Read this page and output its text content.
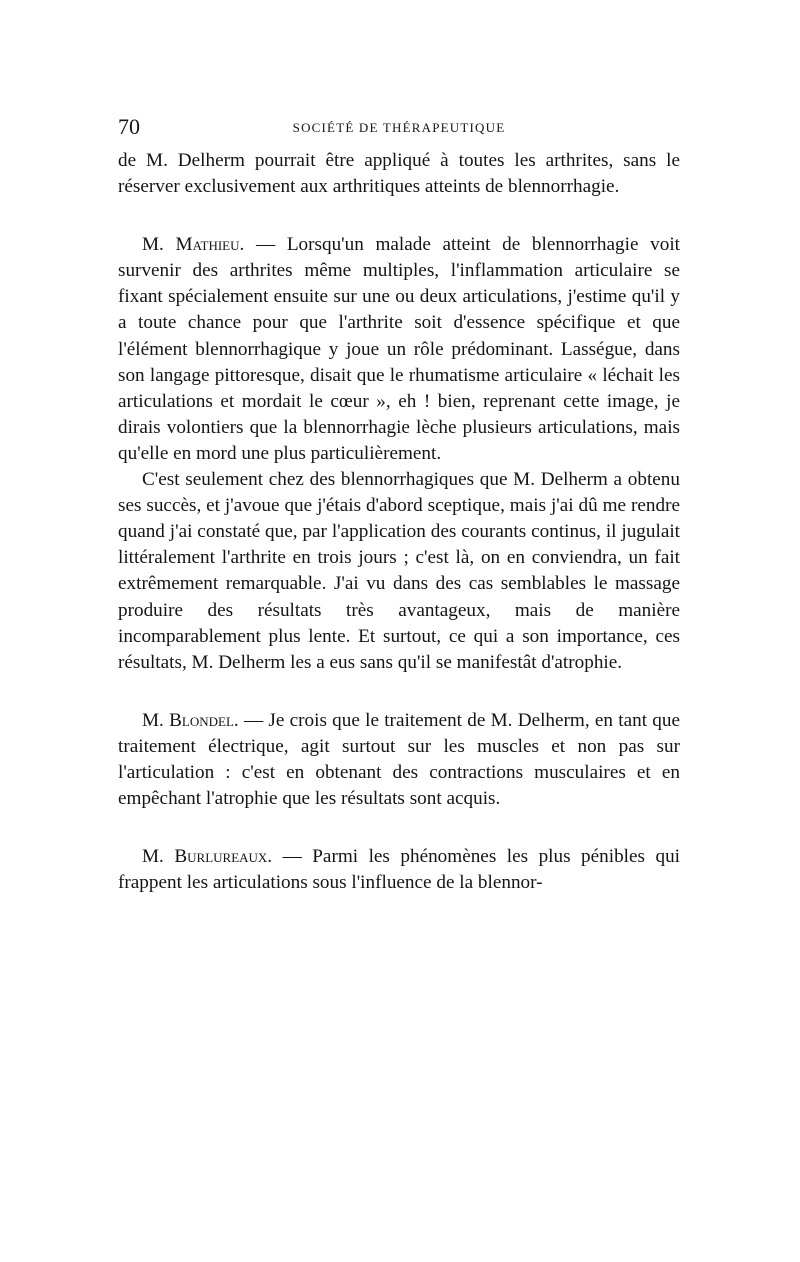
70	SOCIÉTÉ DE THÉRAPEUTIQUE

de M. Delherm pourrait être appliqué à toutes les arthrites, sans le réserver exclusivement aux arthritiques atteints de blennorrhagie.

M. Mathieu. — Lorsqu'un malade atteint de blennorrhagie voit survenir des arthrites même multiples, l'inflammation articulaire se fixant spécialement ensuite sur une ou deux articulations, j'estime qu'il y a toute chance pour que l'arthrite soit d'essence spécifique et que l'élément blennorrhagique y joue un rôle prédominant. Lasségue, dans son langage pittoresque, disait que le rhumatisme articulaire « léchait les articulations et mordait le cœur », eh ! bien, reprenant cette image, je dirais volontiers que la blennorrhagie lèche plusieurs articulations, mais qu'elle en mord une plus particulièrement.

C'est seulement chez des blennorrhagiques que M. Delherm a obtenu ses succès, et j'avoue que j'étais d'abord sceptique, mais j'ai dû me rendre quand j'ai constaté que, par l'application des courants continus, il jugulait littéralement l'arthrite en trois jours ; c'est là, on en conviendra, un fait extrêmement remarquable. J'ai vu dans des cas semblables le massage produire des résultats très avantageux, mais de manière incomparablement plus lente. Et surtout, ce qui a son importance, ces résultats, M. Delherm les a eus sans qu'il se manifestât d'atrophie.

M. Blondel. — Je crois que le traitement de M. Delherm, en tant que traitement électrique, agit surtout sur les muscles et non pas sur l'articulation : c'est en obtenant des contractions musculaires et en empêchant l'atrophie que les résultats sont acquis.

M. Burlureaux. — Parmi les phénomènes les plus pénibles qui frappent les articulations sous l'influence de la blennor-
